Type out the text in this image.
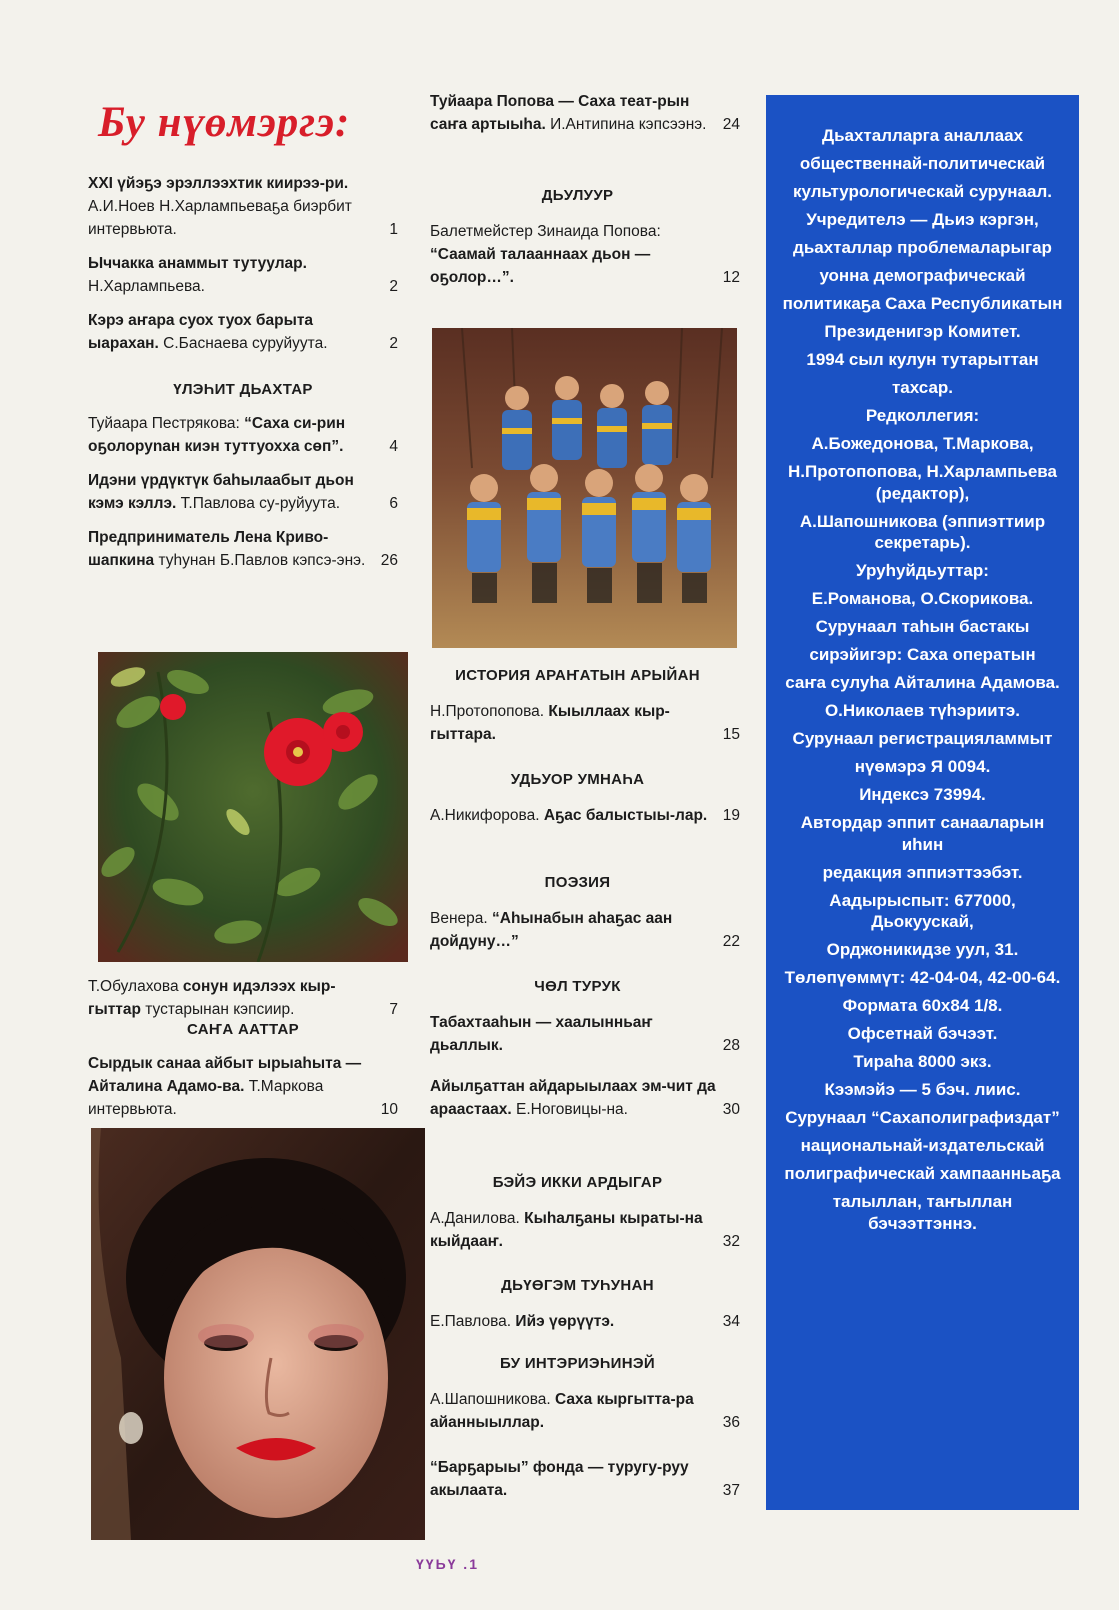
Бу нүөмэргэ:

XXI үйэҕэ эрэллээхтик киирээ-ри. А.И.Ноев Н.Харлампьеваҕа биэрбит интервьюта.	1

Ыччакка анаммыт тутуулар. Н.Харлампьева.	2

Кэрэ аҥара суох туох барыта ыарахан. С.Баснаева суруйуута.	2

ҮЛЭҺИТ ДЬАХТАР

Туйаара Пестрякова: “Саха си-рин оҕолоруnан киэн туттуохха сөп”.	4

Идэни үрдүктүк баһылаабыт дьон кэмэ кэллэ. Т.Павлова су-руйуута.	6

Предприниматель Лена Криво-шапкина туһунан Б.Павлов кэпсэ-энэ. 26

Т.Обулахова сонун идэлээх кыр-гыттар тустарынан кэпсиир.	7

САҤА ААТТАР

Сырдык санаа айбыт ырыаһыта — Айталина Адамо-ва. Т.Маркова интервьюта.	10

Туйаара Попова — Саха теат-рын саҥа артыыһа. И.Антипина кэпсээнэ. 24

ДЬУЛУУР

Балетмейстер Зинаида Попова: “Саамай талааннаах дьон — оҕолор…”.	12

ИСТОРИЯ АРАҤАТЫН АРЫЙАН

Н.Протопопова. Кыыллаах кыр-гыттара.	15

УДЬУОР УМНАҺА

А.Никифорова. Аҕас балыстыы-лар. 19

ПОЭЗИЯ

Венера. “Аһынабын аһаҕас аан дойдуну…”	22

ЧӨЛ ТУРУК

Табахтааһын — хаалынньаҥ дьаллык.	28

Айылҕаттан айдарыылаах эм-чит да араастаах. Е.Ноговицы-на.	30

БЭЙЭ ИККИ АРДЫГАР

А.Данилова. Кыһалҕаны кыраты-на кыйдааҥ.	32

ДЬҮӨГЭМ ТУҺУНАН

Е.Павлова. Ийэ үөрүүтэ.	34

БУ ИНТЭРИЭҺИНЭЙ

А.Шапошникова. Саха кыргытта-ра айанныыллар.	36

“Барҕарыы” фонда — туругу-руу акылаата.	37

Дьахталларга аналлаах
общественнай-политическай
культурологическай сурунаал.
Учредителэ — Дьиэ кэргэн,
дьахталлар проблемаларыгар
уонна демографическай
политикаҕа Саха Республикатын
Президенигэр Комитет.
1994 сыл кулун тутарыттан
тахсар.
Редколлегия:
А.Божедонова, Т.Маркова,
Н.Протопопова, Н.Харлампьева (редактор),
А.Шапошникова (эппиэттиир секретарь).
Уруһуйдьуттар:
Е.Романова, О.Скорикова.
Сурунаал таһын бастакы
сирэйигэр: Саха оператын
саҥа сулуһа Айталина Адамова.
О.Николаев түһэриитэ.
Сурунаал регистрацияламмыт
нүөмэрэ Я 0094.
Индексэ 73994.
Автордар эппит санааларын иһин
редакция эппиэттээбэт.
Аадырыспыт: 677000, Дьокуускай,
Орджоникидзе уул, 31.
Төлөпүөммүт: 42-04-04, 42-00-64.
Формата 60х84 1/8.
Офсетнай бэчээт.
Тираһа 8000 экз.
Кээмэйэ — 5 бэч. лиис.
Сурунаал “Сахаполиграфиздат”
национальнай-издательскай
полиграфическай хампаанньаҕа
талыллан, таҥыллан бэчээттэннэ.
ҮҮЬҮ .1
